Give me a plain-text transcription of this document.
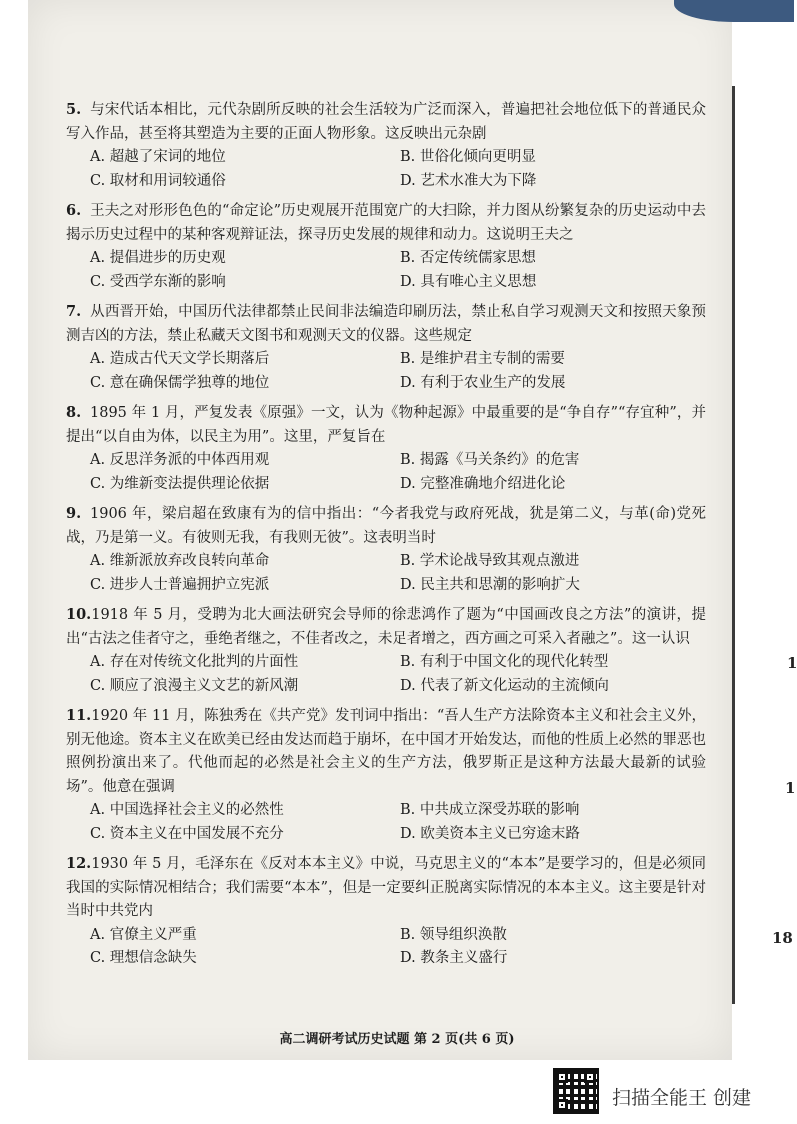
1
1
18
5. 与宋代话本相比，元代杂剧所反映的社会生活较为广泛而深入，普遍把社会地位低下的普通民众写入作品，甚至将其塑造为主要的正面人物形象。这反映出元杂剧
A. 超越了宋词的地位	B. 世俗化倾向更明显
C. 取材和用词较通俗	D. 艺术水准大为下降
6. 王夫之对形形色色的“命定论”历史观展开范围宽广的大扫除，并力图从纷繁复杂的历史运动中去揭示历史过程中的某种客观辩证法，探寻历史发展的规律和动力。这说明王夫之
A. 提倡进步的历史观	B. 否定传统儒家思想
C. 受西学东渐的影响	D. 具有唯心主义思想
7. 从西晋开始，中国历代法律都禁止民间非法编造印刷历法，禁止私自学习观测天文和按照天象预测吉凶的方法，禁止私藏天文图书和观测天文的仪器。这些规定
A. 造成古代天文学长期落后	B. 是维护君主专制的需要
C. 意在确保儒学独尊的地位	D. 有利于农业生产的发展
8. 1895 年 1 月，严复发表《原强》一文，认为《物种起源》中最重要的是“争自存”“存宜种”，并提出“以自由为体，以民主为用”。这里，严复旨在
A. 反思洋务派的中体西用观	B. 揭露《马关条约》的危害
C. 为维新变法提供理论依据	D. 完整准确地介绍进化论
9. 1906 年，梁启超在致康有为的信中指出：“今者我党与政府死战，犹是第二义，与革(命)党死战，乃是第一义。有彼则无我，有我则无彼”。这表明当时
A. 维新派放弃改良转向革命	B. 学术论战导致其观点激进
C. 进步人士普遍拥护立宪派	D. 民主共和思潮的影响扩大
10.1918 年 5 月，受聘为北大画法研究会导师的徐悲鸿作了题为“中国画改良之方法”的演讲，提出“古法之佳者守之，垂绝者继之，不佳者改之，未足者增之，西方画之可采入者融之”。这一认识
A. 存在对传统文化批判的片面性	B. 有利于中国文化的现代化转型
C. 顺应了浪漫主义文艺的新风潮	D. 代表了新文化运动的主流倾向
11.1920 年 11 月，陈独秀在《共产党》发刊词中指出：“吾人生产方法除资本主义和社会主义外，别无他途。资本主义在欧美已经由发达而趋于崩坏，在中国才开始发达，而他的性质上必然的罪恶也照例扮演出来了。代他而起的必然是社会主义的生产方法，俄罗斯正是这种方法最大最新的试验场”。他意在强调
A. 中国选择社会主义的必然性	B. 中共成立深受苏联的影响
C. 资本主义在中国发展不充分	D. 欧美资本主义已穷途末路
12.1930 年 5 月，毛泽东在《反对本本主义》中说，马克思主义的“本本”是要学习的，但是必须同我国的实际情况相结合；我们需要“本本”，但是一定要纠正脱离实际情况的本本主义。这主要是针对当时中共党内
A. 官僚主义严重	B. 领导组织涣散
C. 理想信念缺失	D. 教条主义盛行
高二调研考试历史试题 第 2 页(共 6 页)
扫描全能王 创建
